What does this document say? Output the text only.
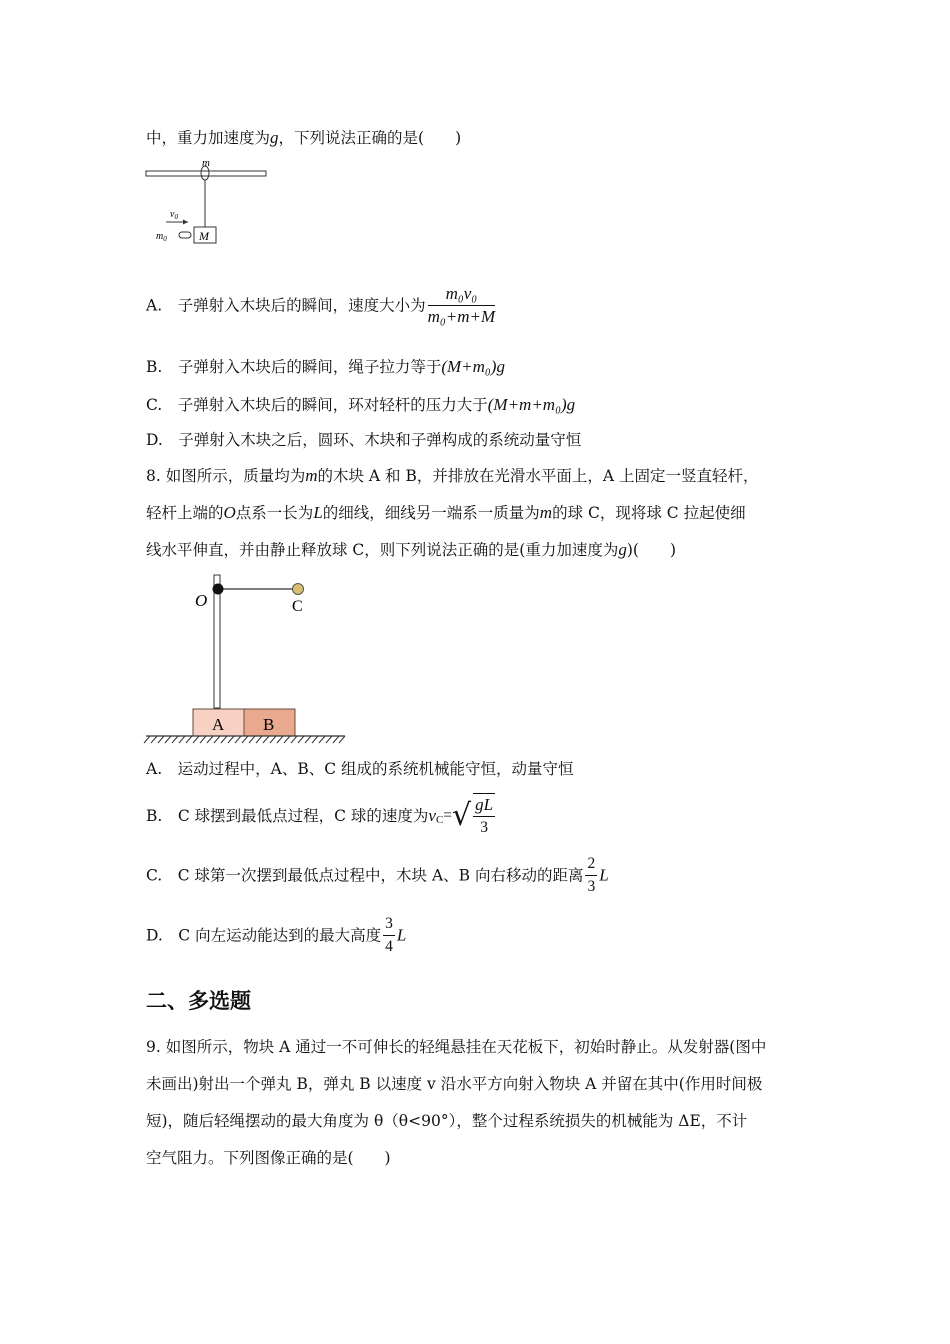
中，重力加速度为g，下列说法正确的是(　　)
m
M
$v_0$
$m_0$
A.　子弹射入木块后的瞬间，速度大小为 $\frac{\text{m₀v₀}}{\text{m₀+m+M}}$
B.　子弹射入木块后的瞬间，绳子拉力等于(M+m₀)g
C.　子弹射入木块后的瞬间，环对轻杆的压力大于(M+m+m₀)g
D.　子弹射入木块之后，圆环、木块和子弹构成的系统动量守恒
8. 如图所示，质量均为m的木块 A 和 B，并排放在光滑水平面上，A 上固定一竖直轻杆，
轻杆上端的O点系一长为L的细线，细线另一端系一质量为m的球 C，现将球 C 拉起使细
线水平伸直，并由静止释放球 C，则下列说法正确的是(重力加速度为g)(　　)
O	C
A B
A.　运动过程中，A、B、C 组成的系统机械能守恒，动量守恒
B.　C 球摆到最低点过程，C 球的速度为$v_C=√ \frac{gL}{3}$
C.　C 球第一次摆到最低点过程中，木块 A、B 向右移动的距离 $\frac{2}{3}$ L
D.　C 向左运动能达到的最大高度 $\frac{3}{4}$ L
二、多选题
9. 如图所示，物块 A 通过一不可伸长的轻绳悬挂在天花板下，初始时静止。从发射器(图中
未画出)射出一个弹丸 B，弹丸 B 以速度 v 沿水平方向射入物块 A 并留在其中(作用时间极
短)，随后轻绳摆动的最大角度为 θ（θ<90°），整个过程系统损失的机械能为 ΔE，不计
空气阻力。下列图像正确的是(　　)
